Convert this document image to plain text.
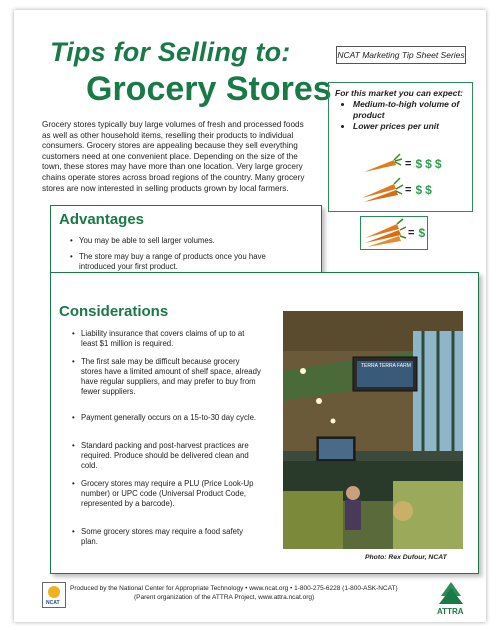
Tips for Selling to:
Grocery Stores
NCAT Marketing Tip Sheet Series
Grocery stores typically buy large volumes of fresh and processed foods as well as other household items, reselling their products to individual consumers. Grocery stores are appealing because they sell everything customers need at one convenient place. Depending on the size of the town, these stores may have more than one location. Very large grocery chains operate stores across broad regions of the country. Many grocery stores are now interested in selling products grown by local farmers.
For this market you can expect:
• Medium-to-high volume of product
• Lower prices per unit
= $ $ $
= $ $
= $
Advantages
• You may be able to sell larger volumes.
• The store may buy a range of products once you have introduced your first product.
•
Considerations
• Liability insurance that covers claims of up to at least $1 million is required.
• The first sale may be difficult because grocery stores have a limited amount of shelf space, already have regular suppliers, and may prefer to buy from fewer suppliers.
• Payment generally occurs on a 15-to-30 day cycle.
• Standard packing and post-harvest practices are required. Produce should be delivered clean and cold.
• Grocery stores may require a PLU (Price Look-Up number) or UPC code (Universal Product Code, represented by a barcode).
• Some grocery stores may require a food safety plan.
TERRA TERRA FARM
Photo: Rex Dufour, NCAT
NCAT
Produced by the National Center for Appropriate Technology • www.ncat.org • 1-800-275-6228 (1-800-ASK-NCAT)
(Parent organization of the ATTRA Project, www.attra.ncat.org)
ATTRA
